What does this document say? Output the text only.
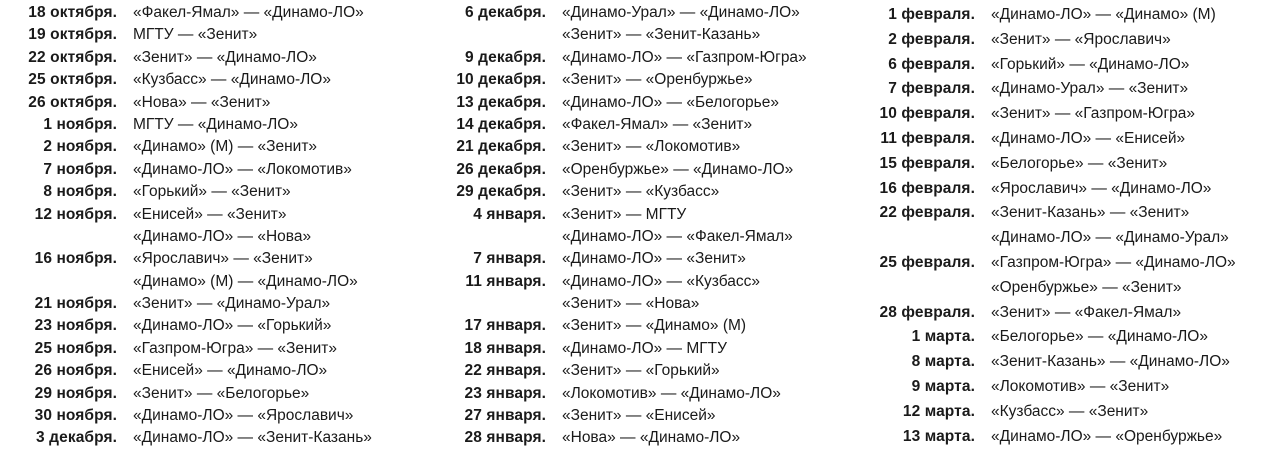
18 октября.	«Факел-Ямал» — «Динамо-ЛО»
19 октября.	МГТУ — «Зенит»
22 октября.	«Зенит» — «Динамо-ЛО»
25 октября.	«Кузбасс» — «Динамо-ЛО»
26 октября.	«Нова» — «Зенит»
1 ноября.	МГТУ — «Динамо-ЛО»
2 ноября.	«Динамо» (М) — «Зенит»
7 ноября.	«Динамо-ЛО» — «Локомотив»
8 ноября.	«Горький» — «Зенит»
12 ноября.	«Енисей» — «Зенит»
«Динамо-ЛО» — «Нова»
16 ноября.	«Ярославич» — «Зенит»
«Динамо» (М) — «Динамо-ЛО»
21 ноября.	«Зенит» — «Динамо-Урал»
23 ноября.	«Динамо-ЛО» — «Горький»
25 ноября.	«Газпром-Югра» — «Зенит»
26 ноября.	«Енисей» — «Динамо-ЛО»
29 ноября.	«Зенит» — «Белогорье»
30 ноября.	«Динамо-ЛО» — «Ярославич»
3 декабря.	«Динамо-ЛО» — «Зенит-Казань»
6 декабря.	«Динамо-Урал» — «Динамо-ЛО»
«Зенит» — «Зенит-Казань»
9 декабря.	«Динамо-ЛО» — «Газпром-Югра»
10 декабря.	«Зенит» — «Оренбуржье»
13 декабря.	«Динамо-ЛО» — «Белогорье»
14 декабря.	«Факел-Ямал» — «Зенит»
21 декабря.	«Зенит» — «Локомотив»
26 декабря.	«Оренбуржье» — «Динамо-ЛО»
29 декабря.	«Зенит» — «Кузбасс»
4 января.	«Зенит» — МГТУ
«Динамо-ЛО» — «Факел-Ямал»
7 января.	«Динамо-ЛО» — «Зенит»
11 января.	«Динамо-ЛО» — «Кузбасс»
«Зенит» — «Нова»
17 января.	«Зенит» — «Динамо» (М)
18 января.	«Динамо-ЛО» — МГТУ
22 января.	«Зенит» — «Горький»
23 января.	«Локомотив» — «Динамо-ЛО»
27 января.	«Зенит» — «Енисей»
28 января.	«Нова» — «Динамо-ЛО»
1 февраля.	«Динамо-ЛО» — «Динамо» (М)
2 февраля.	«Зенит» — «Ярославич»
6 февраля.	«Горький» — «Динамо-ЛО»
7 февраля.	«Динамо-Урал» — «Зенит»
10 февраля.	«Зенит» — «Газпром-Югра»
11 февраля.	«Динамо-ЛО» — «Енисей»
15 февраля.	«Белогорье» — «Зенит»
16 февраля.	«Ярославич» — «Динамо-ЛО»
22 февраля.	«Зенит-Казань» — «Зенит»
«Динамо-ЛО» — «Динамо-Урал»
25 февраля.	«Газпром-Югра» — «Динамо-ЛО»
«Оренбуржье» — «Зенит»
28 февраля.	«Зенит» — «Факел-Ямал»
1 марта.	«Белогорье» — «Динамо-ЛО»
8 марта.	«Зенит-Казань» — «Динамо-ЛО»
9 марта.	«Локомотив» — «Зенит»
12 марта.	«Кузбасс» — «Зенит»
13 марта.	«Динамо-ЛО» — «Оренбуржье»
